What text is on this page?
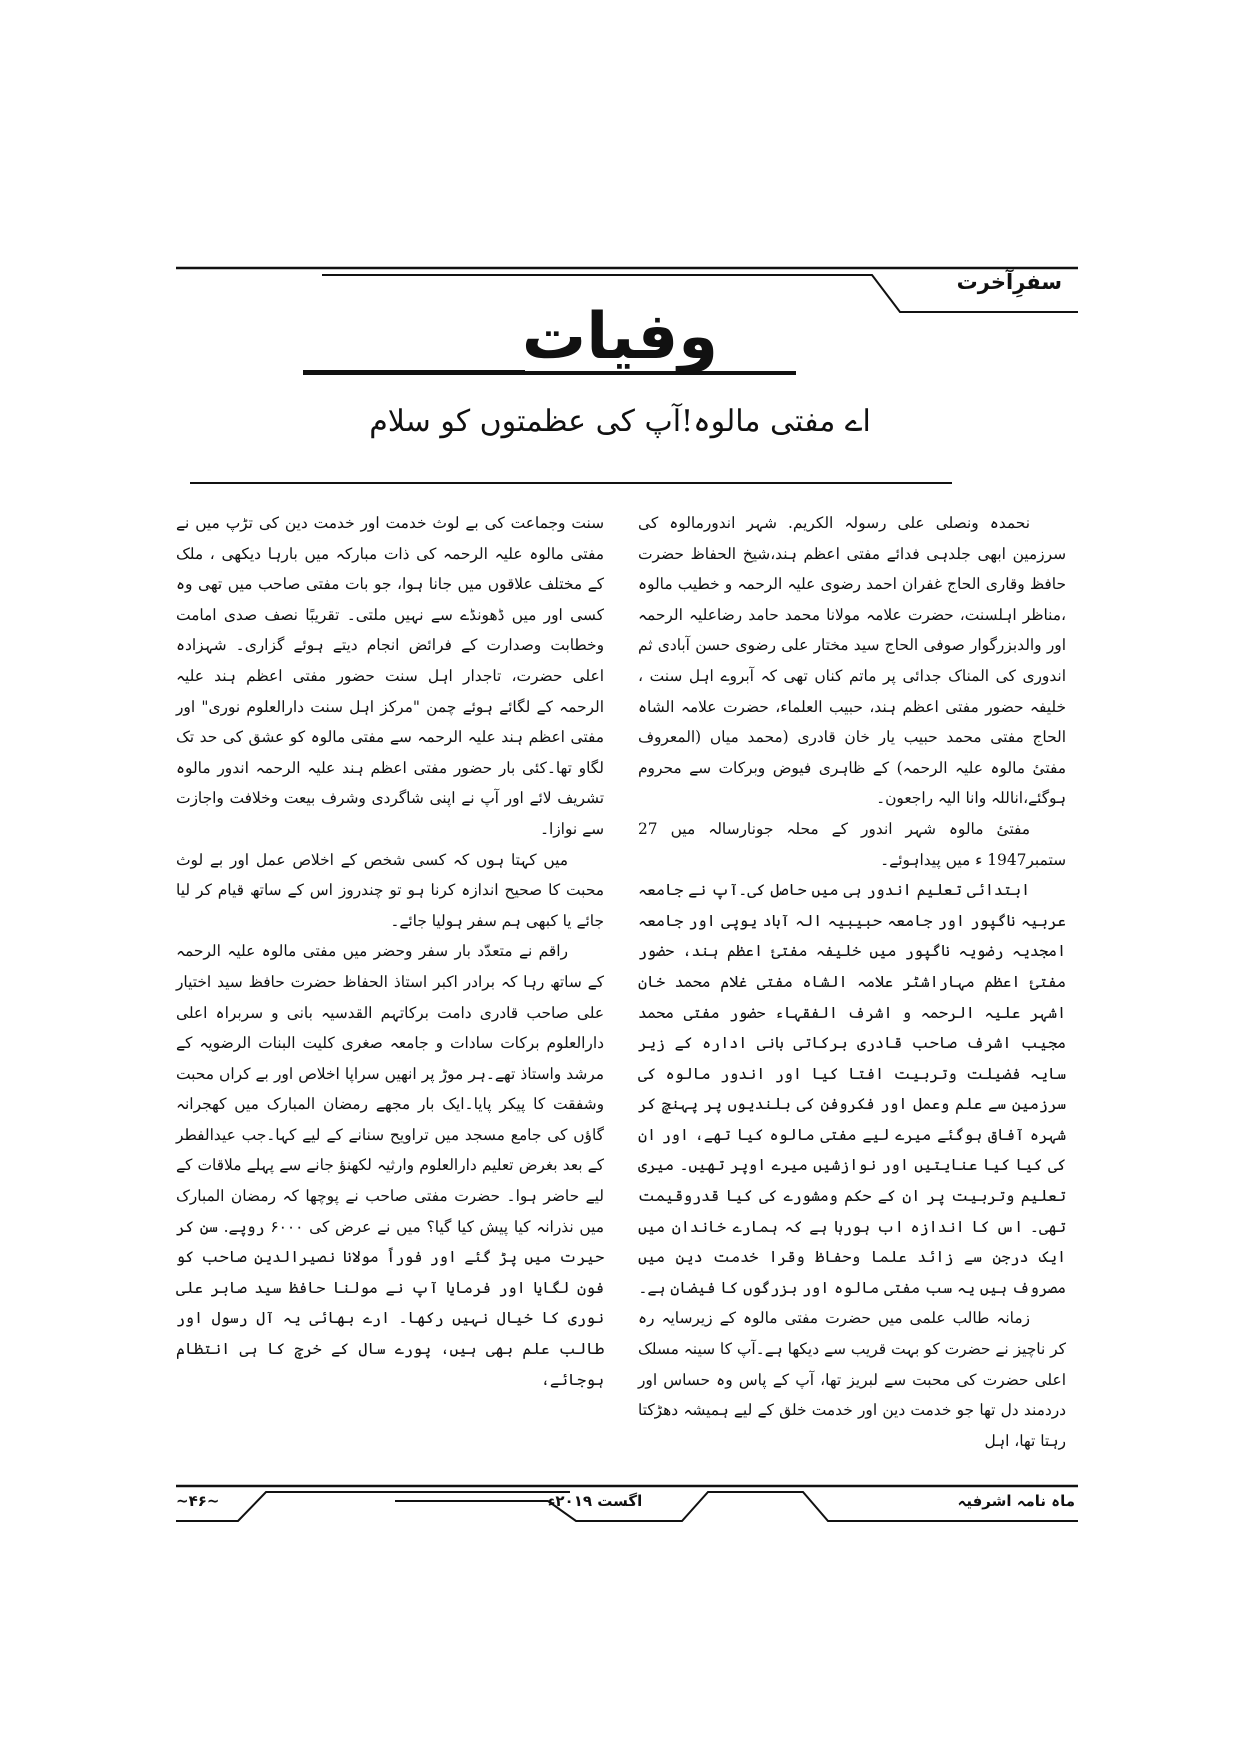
سفرِآخرت
وفیات
اے مفتی مالوہ!آپ کی عظمتوں کو سلام

نحمدہ ونصلی علی رسولہ الکریم. شہر اندورمالوہ کی سرزمین ابھی جلدہی فدائے مفتی اعظم ہند،شیخ الحفاظ حضرت حافظ وقاری الحاج غفران احمد رضوی علیہ الرحمہ و خطیب مالوہ ،مناظر اہلسنت، حضرت علامہ مولانا محمد حامد رضاعلیہ الرحمہ اور والدبزرگوار صوفی الحاج سید مختار علی رضوی حسن آبادی ثم اندوری کی المناک جدائی پر ماتم کناں تھی کہ آبروے اہل سنت ، خلیفہ حضور مفتی اعظم ہند، حبیب العلماء، حضرت علامہ الشاہ الحاج مفتی محمد حبیب یار خان قادری (محمد میاں (المعروف مفتیٔ مالوہ علیہ الرحمہ) کے ظاہری فیوض وبرکات سے محروم ہوگئے،اناللہ وانا الیہ راجعون۔

مفتیٔ مالوہ شہر اندور کے محلہ جونارسالہ میں 27 ستمبر1947 ء میں پیداہوئے۔

ابتدائی تعلیم اندور ہی میں حاصل کی۔آپ نے جامعہ عربیہ ناگپور اور جامعہ حبیبیہ الہ آباد یوپی اور جامعہ امجدیہ رضویہ ناگپور میں خلیفہ مفتیٔ اعظم ہند، حضور مفتیٔ اعظم مہاراشٹر علامہ الشاہ مفتی غلام محمد خان اشہر علیہ الرحمہ و اشرف الفقہاء حضور مفتی محمد مجیب اشرف صاحب قادری برکاتی بانی ادارہ کے زیر سایہ فضیلت وتربیت افتا کیا اور اندور مالوہ کی سرزمین سے علم وعمل اور فکروفن کی بلندیوں پر پہنچ کر شہرہ آفاق ہوگئے میرے لیے مفتی مالوہ کیا تھے، اور ان کی کیا کیا عنایتیں اور نوازشیں میرے اوپر تھیں۔ میری تعلیم وتربیت پر ان کے حکم ومشورے کی کیا قدروقیمت تھی۔ اس کا اندازہ اب ہورہا ہے کہ ہمارے خاندان میں ایک درجن سے زائد علما وحفاظ وقرا خدمت دین میں مصروف ہیں یہ سب مفتی مالوہ اور بزرگوں کا فیضان ہے۔

زمانہ طالب علمی میں حضرت مفتی مالوہ کے زیرسایہ رہ کر ناچیز نے حضرت کو بہت قریب سے دیکھا ہے۔آپ کا سینہ مسلک اعلی حضرت کی محبت سے لبریز تھا، آپ کے پاس وہ حساس اور دردمند دل تھا جو خدمت دین اور خدمت خلق کے لیے ہمیشہ دھڑکتا رہتا تھا، اہل

سنت وجماعت کی بے لوث خدمت اور خدمت دین کی تڑپ میں نے مفتی مالوہ علیہ الرحمہ کی ذات مبارکہ میں بارہا دیکھی ، ملک کے مختلف علاقوں میں جانا ہوا، جو بات مفتی صاحب میں تھی وہ کسی اور میں ڈھونڈے سے نہیں ملتی۔ تقریبًا نصف صدی امامت وخطابت وصدارت کے فرائض انجام دیتے ہوئے گزاری۔ شہزادہ اعلی حضرت، تاجدار اہل سنت حضور مفتی اعظم ہند علیہ الرحمہ کے لگائے ہوئے چمن "مرکز اہل سنت دارالعلوم نوری" اور مفتی اعظم ہند علیہ الرحمہ سے مفتی مالوہ کو عشق کی حد تک لگاو تھا۔کئی بار حضور مفتی اعظم ہند علیہ الرحمہ اندور مالوہ تشریف لائے اور آپ نے اپنی شاگردی وشرف بیعت وخلافت واجازت سے نوازا۔

میں کہتا ہوں کہ کسی شخص کے اخلاص عمل اور بے لوث محبت کا صحیح اندازہ کرنا ہو تو چندروز اس کے ساتھ قیام کر لیا جائے یا کبھی ہم سفر ہولیا جائے۔

راقم نے متعدّد بار سفر وحضر میں مفتی مالوہ علیہ الرحمہ کے ساتھ رہا کہ برادر اکبر استاذ الحفاظ حضرت حافظ سید اختیار علی صاحب قادری دامت برکاتہم القدسیہ بانی و سربراہ اعلی دارالعلوم برکات سادات و جامعہ صغری کلیت البنات الرضویہ کے مرشد واستاذ تھے۔ہر موڑ پر انھیں سراپا اخلاص اور بے کراں محبت وشفقت کا پیکر پایا۔ایک بار مجھے رمضان المبارک میں کھجرانہ گاؤں کی جامع مسجد میں تراویح سنانے کے لیے کہا۔جب عیدالفطر کے بعد بغرض تعلیم دارالعلوم وارثیہ لکھنؤ جانے سے پہلے ملاقات کے لیے حاضر ہوا۔ حضرت مفتی صاحب نے پوچھا کہ رمضان المبارک میں نذرانہ کیا پیش کیا گیا؟ میں نے عرض کی ۶۰۰۰ روپے. سن کر حیرت میں پڑ گئے اور فوراً مولانا نصیرالدین صاحب کو فون لگایا اور فرمایا آپ نے مولنا حافظ سید صابر علی نوری کا خیال نہیں رکھا۔ ارے بھائی یہ آل رسول اور طالب علم بھی ہیں، پورے سال کے خرچ کا ہی انتظام ہوجائے،

ماہ نامہ اشرفیہ
اگست ۲۰۱۹ء
~۴۶~
